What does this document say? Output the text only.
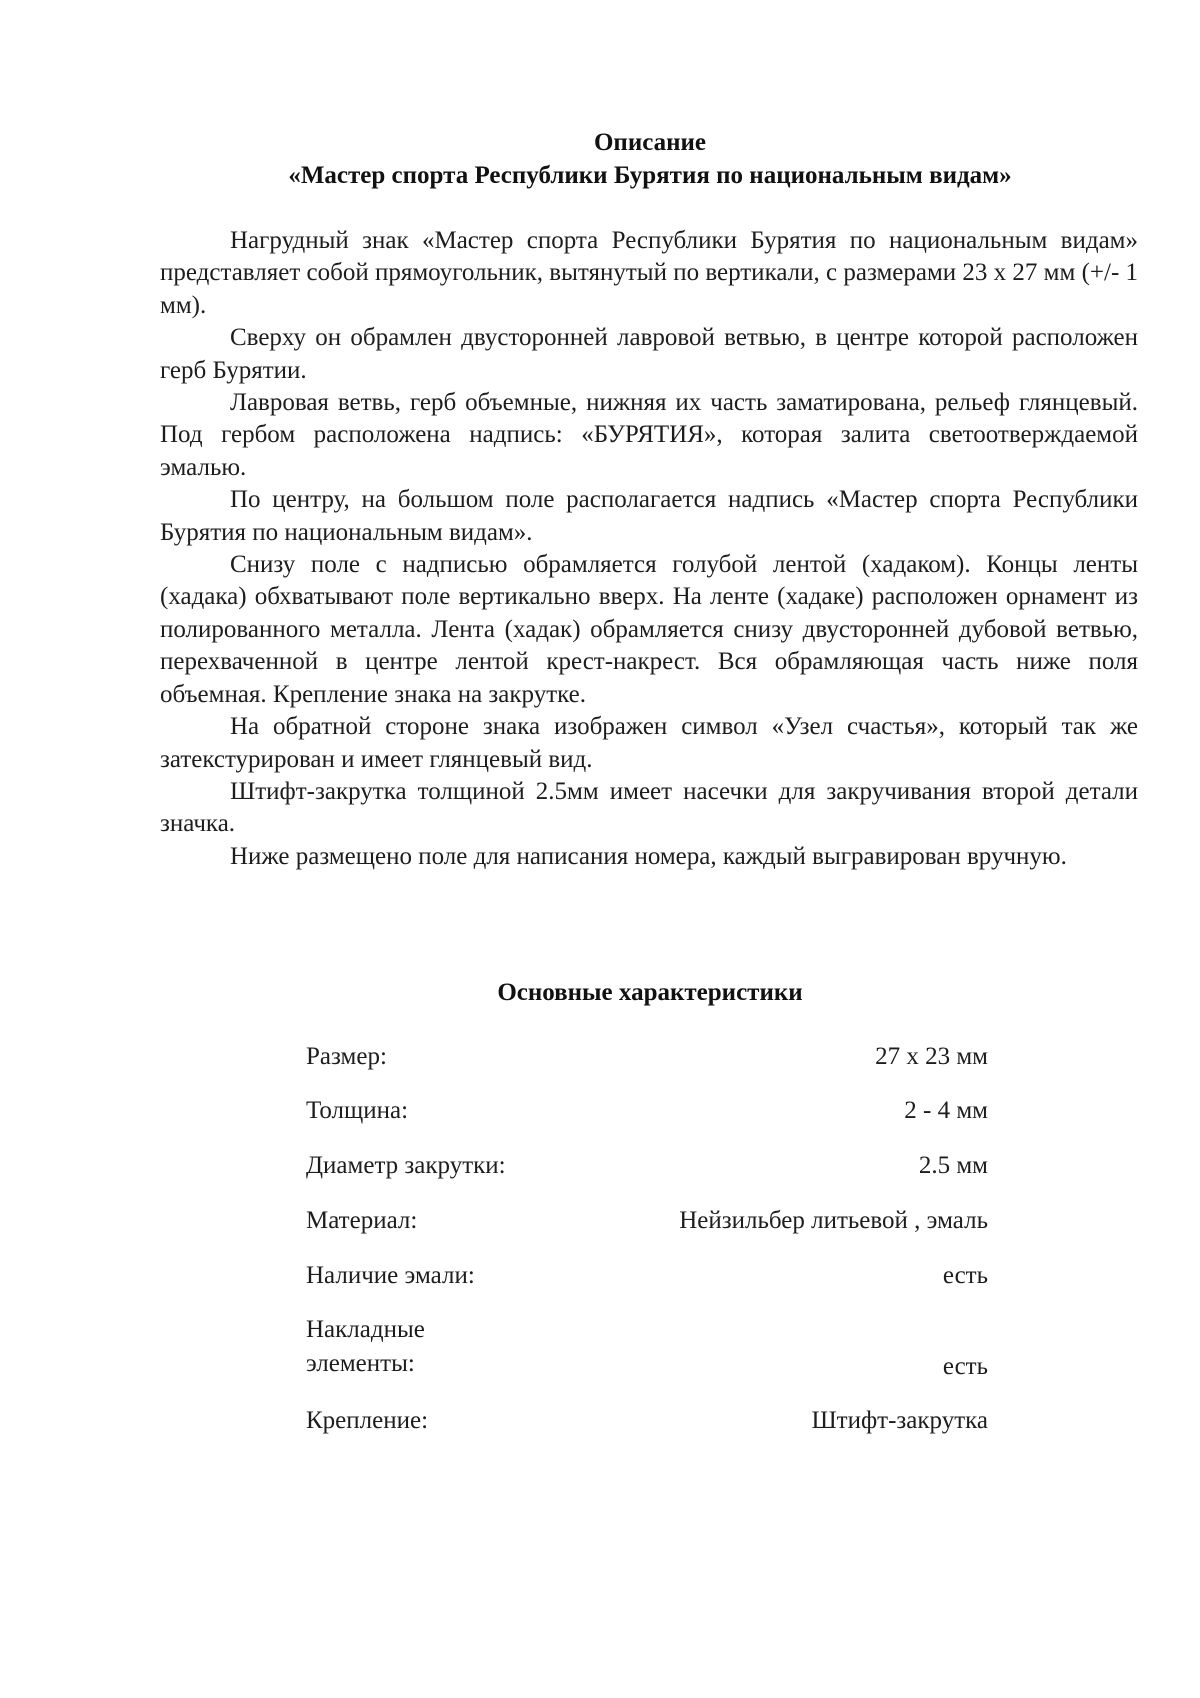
Описание
«Мастер спорта Республики Бурятия по национальным видам»

Нагрудный знак «Мастер спорта Республики Бурятия по национальным видам» представляет собой прямоугольник, вытянутый по вертикали, с размерами 23 х 27 мм (+/- 1 мм).

Сверху он обрамлен двусторонней лавровой ветвью, в центре которой расположен герб Бурятии.

Лавровая ветвь, герб объемные, нижняя их часть заматирована, рельеф глянцевый. Под гербом расположена надпись: «БУРЯТИЯ», которая залита светоотверждаемой эмалью.

По центру, на большом поле располагается надпись «Мастер спорта Республики Бурятия по национальным видам».

Снизу поле с надписью обрамляется голубой лентой (хадаком). Концы ленты (хадака) обхватывают поле вертикально вверх. На ленте (хадаке) расположен орнамент из полированного металла. Лента (хадак) обрамляется снизу двусторонней дубовой ветвью, перехваченной в центре лентой крест-накрест. Вся обрамляющая часть ниже поля объемная. Крепление знака на закрутке.

На обратной стороне знака изображен символ «Узел счастья», который так же затекстурирован и имеет глянцевый вид.

Штифт-закрутка толщиной 2.5мм имеет насечки для закручивания второй детали значка.

Ниже размещено поле для написания номера, каждый выгравирован вручную.

Основные характеристики
Размер:	27 х 23 мм
Толщина:	2 - 4 мм
Диаметр закрутки:	2.5 мм
Материал:	Нейзильбер литьевой , эмаль
Наличие эмали:	есть
Накладные элементы:	есть
Крепление:	Штифт-закрутка
